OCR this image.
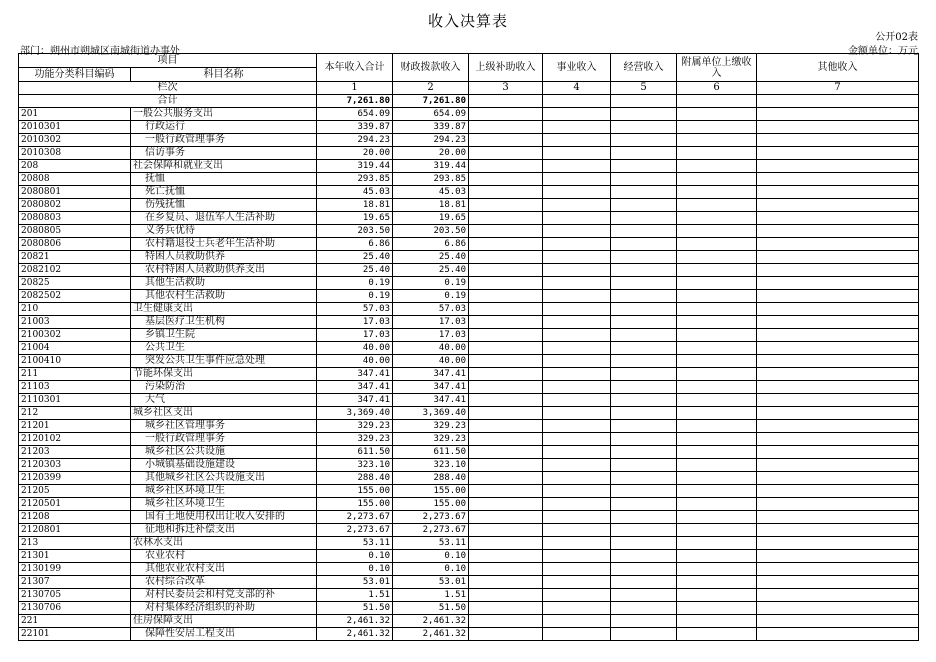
收入决算表
公开02表
部门：朔州市朔城区南城街道办事处	金额单位：万元
项目		本年收入合计	财政拨款收入	上级补助收入	事业收入	经营收入	附属单位上缴收入	其他收入
功能分类科目编码	科目名称							
栏次		1	2	3	4	5	6	7
合计		7,261.80	7,261.80					
201	一般公共服务支出	654.09	654.09					
2010301	行政运行	339.87	339.87					
2010302	一般行政管理事务	294.23	294.23					
2010308	信访事务	20.00	20.00					
208	社会保障和就业支出	319.44	319.44					
20808	抚恤	293.85	293.85					
2080801	死亡抚恤	45.03	45.03					
2080802	伤残抚恤	18.81	18.81					
2080803	在乡复员、退伍军人生活补助	19.65	19.65					
2080805	义务兵优待	203.50	203.50					
2080806	农村籍退役士兵老年生活补助	6.86	6.86					
20821	特困人员救助供养	25.40	25.40					
2082102	农村特困人员救助供养支出	25.40	25.40					
20825	其他生活救助	0.19	0.19					
2082502	其他农村生活救助	0.19	0.19					
210	卫生健康支出	57.03	57.03					
21003	基层医疗卫生机构	17.03	17.03					
2100302	乡镇卫生院	17.03	17.03					
21004	公共卫生	40.00	40.00					
2100410	突发公共卫生事件应急处理	40.00	40.00					
211	节能环保支出	347.41	347.41					
21103	污染防治	347.41	347.41					
2110301	大气	347.41	347.41					
212	城乡社区支出	3,369.40	3,369.40					
21201	城乡社区管理事务	329.23	329.23					
2120102	一般行政管理事务	329.23	329.23					
21203	城乡社区公共设施	611.50	611.50					
2120303	小城镇基础设施建设	323.10	323.10					
2120399	其他城乡社区公共设施支出	288.40	288.40					
21205	城乡社区环境卫生	155.00	155.00					
2120501	城乡社区环境卫生	155.00	155.00					
21208	国有土地使用权出让收入安排的	2,273.67	2,273.67					
2120801	征地和拆迁补偿支出	2,273.67	2,273.67					
213	农林水支出	53.11	53.11					
21301	农业农村	0.10	0.10					
2130199	其他农业农村支出	0.10	0.10					
21307	农村综合改革	53.01	53.01					
2130705	对村民委员会和村党支部的补	1.51	1.51					
2130706	对村集体经济组织的补助	51.50	51.50					
221	住房保障支出	2,461.32	2,461.32					
22101	保障性安居工程支出	2,461.32	2,461.32					
